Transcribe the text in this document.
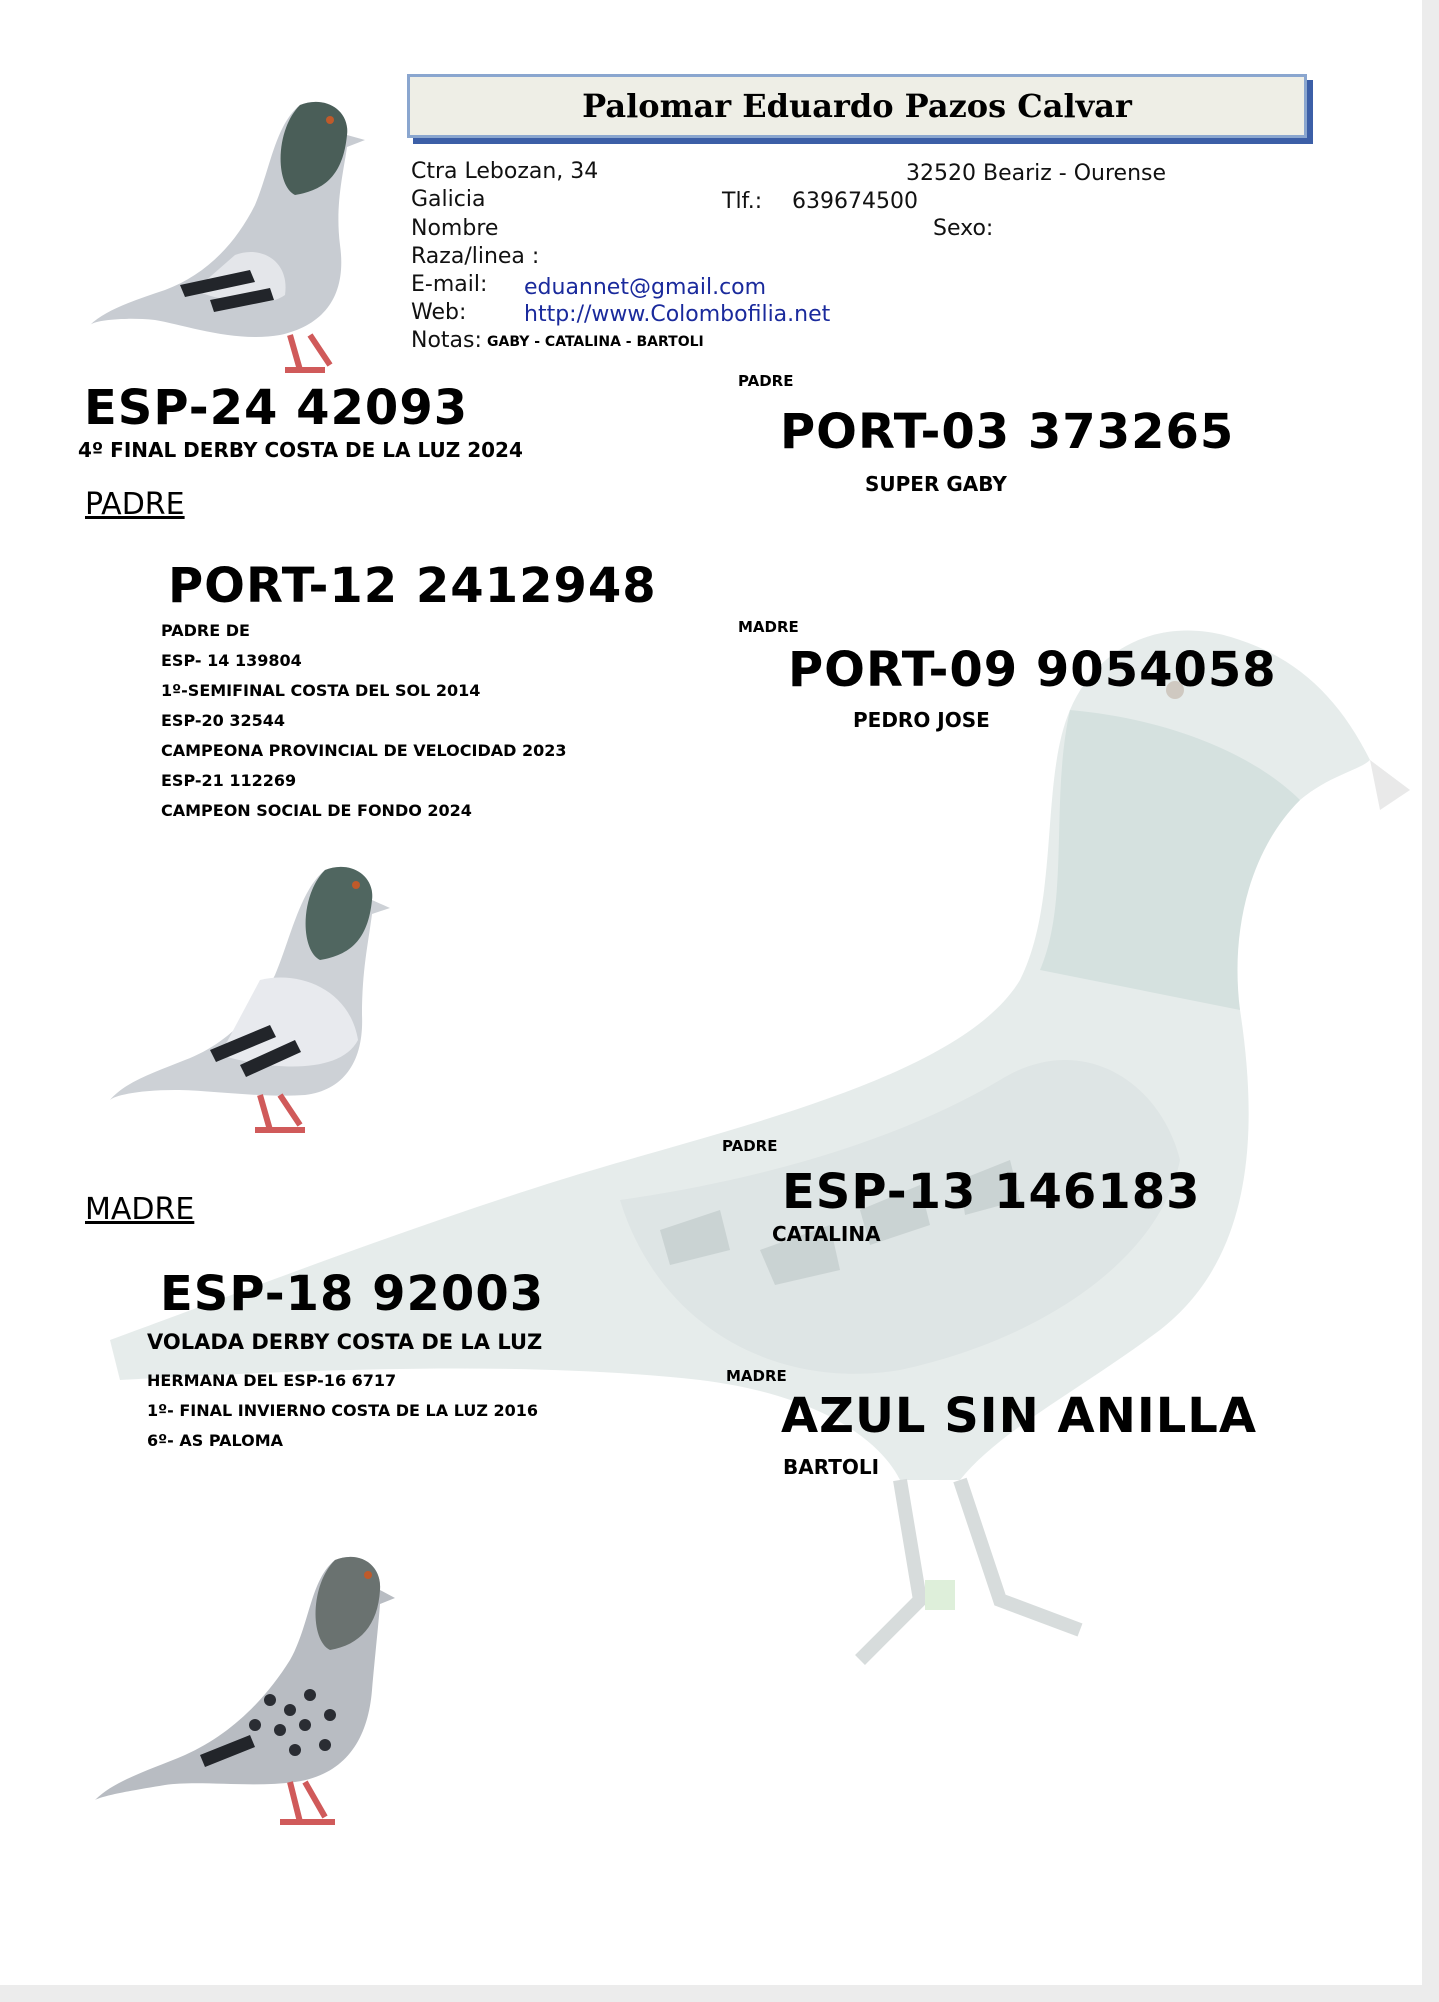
Palomar Eduardo Pazos Calvar
Ctra Lebozan, 34	32520 Beariz - Ourense
Galicia	Tlf.: 639674500
Nombre	Sexo:
Raza/linea :
E-mail: eduannet@gmail.com
Web:	http://www.Colombofilia.net
Notas: GABY - CATALINA - BARTOLI
ESP-24 42093
4º FINAL DERBY COSTA DE LA LUZ 2024
PADRE
PORT-12 2412948
PADRE DE
ESP- 14 139804
1º-SEMIFINAL COSTA DEL SOL 2014
ESP-20 32544
CAMPEONA PROVINCIAL DE VELOCIDAD 2023
ESP-21 112269
CAMPEON SOCIAL DE FONDO 2024
PADRE
PORT-03 373265
SUPER GABY
MADRE
PORT-09 9054058
PEDRO JOSE
MADRE
ESP-18 92003
VOLADA DERBY COSTA DE LA LUZ
HERMANA DEL ESP-16 6717
1º- FINAL INVIERNO COSTA DE LA LUZ 2016
6º- AS PALOMA
PADRE
ESP-13 146183
CATALINA
MADRE
AZUL SIN ANILLA
BARTOLI
